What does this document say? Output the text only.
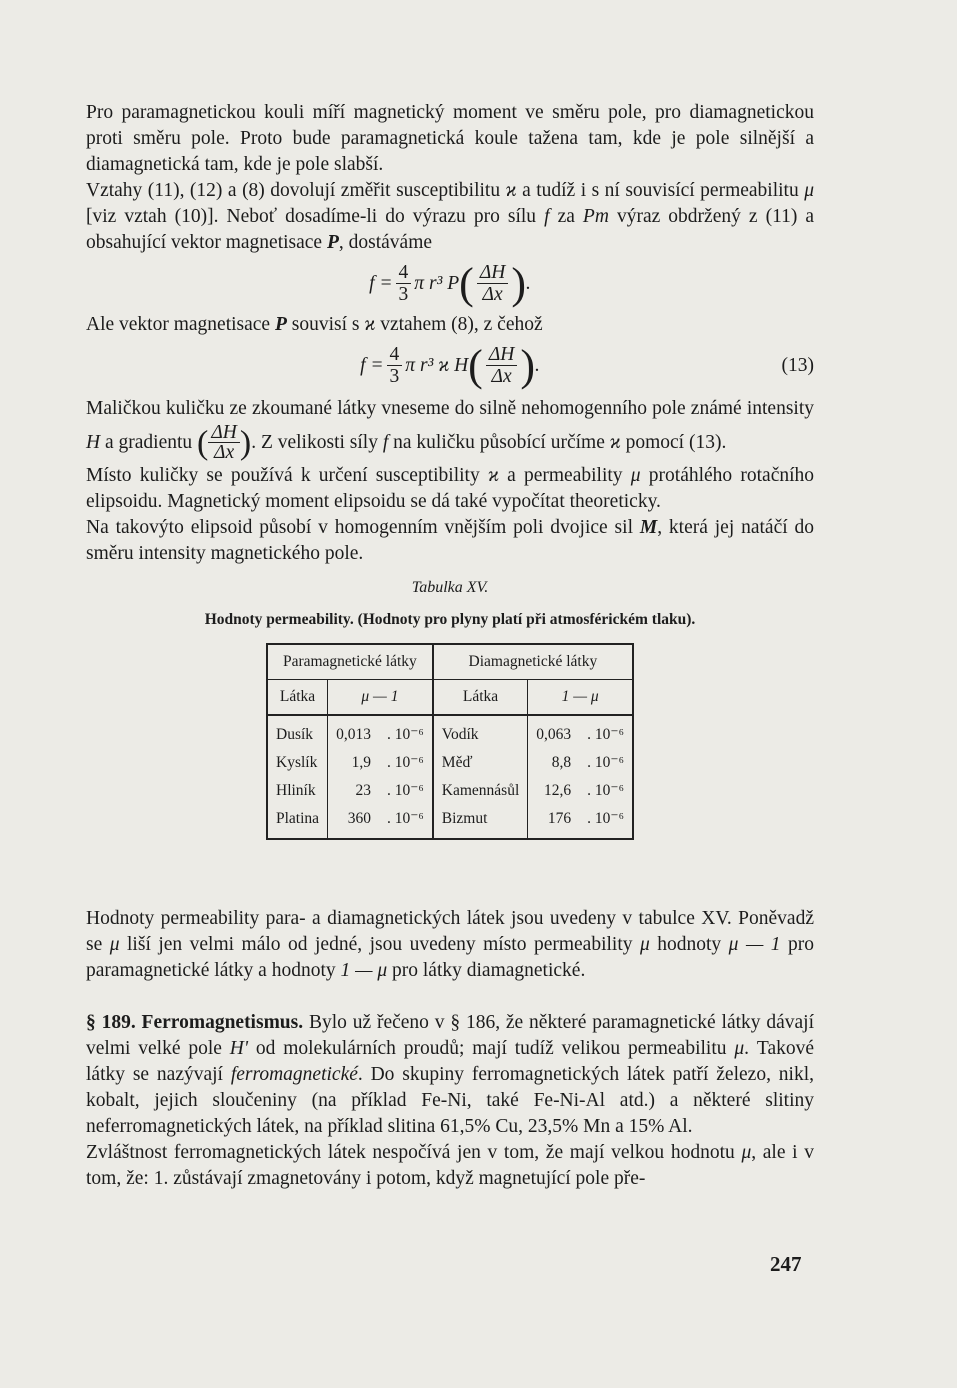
Pro paramagnetickou kouli míří magnetický moment ve směru pole, pro diamagnetickou proti směru pole. Proto bude paramagnetická koule tažena tam, kde je pole silnější a diamagnetická tam, kde je pole slabší.

Vztahy (11), (12) a (8) dovolují změřit susceptibilitu ϰ a tudíž i s ní souvisící permeabilitu μ [viz vztah (10)]. Neboť dosadíme-li do výrazu pro sílu f za Pm výraz obdržený z (11) a obsahující vektor magnetisace P, dostáváme

$f = \frac{4}{3}$ π r³ P ( $\frac{\Delta H}{\Delta x}$ ) .

Ale vektor magnetisace P souvisí s ϰ vztahem (8), z čehož

$f = \frac{4}{3}$ π r³ ϰ H ( $\frac{\Delta H}{\Delta x}$ ) .	(13)

Maličkou kuličku ze zkoumané látky vneseme do silně nehomogenního pole známé intensity H a gradientu ( $\frac{\Delta H}{\Delta x}$ ). Z velikosti síly f na kuličku působící určíme ϰ pomocí (13).

Místo kuličky se používá k určení susceptibility ϰ a permeability μ protáhlého rotačního elipsoidu. Magnetický moment elipsoidu se dá také vypočítat theoreticky.

Na takovýto elipsoid působí v homogenním vnějším poli dvojice sil M, která jej natáčí do směru intensity magnetického pole.

Tabulka XV.
Hodnoty permeability. (Hodnoty pro plyny platí při atmosférickém tlaku).
Paramagnetické látky			Diamagnetické látky		
Látka	μ — 1		Látka	1 — μ	
Dusík	0,013	. 10⁻⁶	Vodík	0,063	. 10⁻⁶
Kyslík	1,9	. 10⁻⁶	Měď	8,8	. 10⁻⁶
Hliník	23	. 10⁻⁶	Kamennásůl	12,6	. 10⁻⁶
Platina	360	. 10⁻⁶	Bizmut	176	. 10⁻⁶

Hodnoty permeability para- a diamagnetických látek jsou uvedeny v tabulce XV. Poněvadž se μ liší jen velmi málo od jedné, jsou uvedeny místo permeability μ hodnoty μ — 1 pro paramagnetické látky a hodnoty 1 — μ pro látky diamagnetické.

§ 189. Ferromagnetismus. Bylo už řečeno v § 186, že některé paramagnetické látky dávají velmi velké pole H' od molekulárních proudů; mají tudíž velikou permeabilitu μ. Takové látky se nazývají ferromagnetické. Do skupiny ferromagnetických látek patří železo, nikl, kobalt, jejich sloučeniny (na příklad Fe-Ni, také Fe-Ni-Al atd.) a některé slitiny neferromagnetických látek, na příklad slitina 61,5% Cu, 23,5% Mn a 15% Al.

Zvláštnost ferromagnetických látek nespočívá jen v tom, že mají velkou hodnotu μ, ale i v tom, že: 1. zůstávají zmagnetovány i potom, když magnetující pole pře-

247
